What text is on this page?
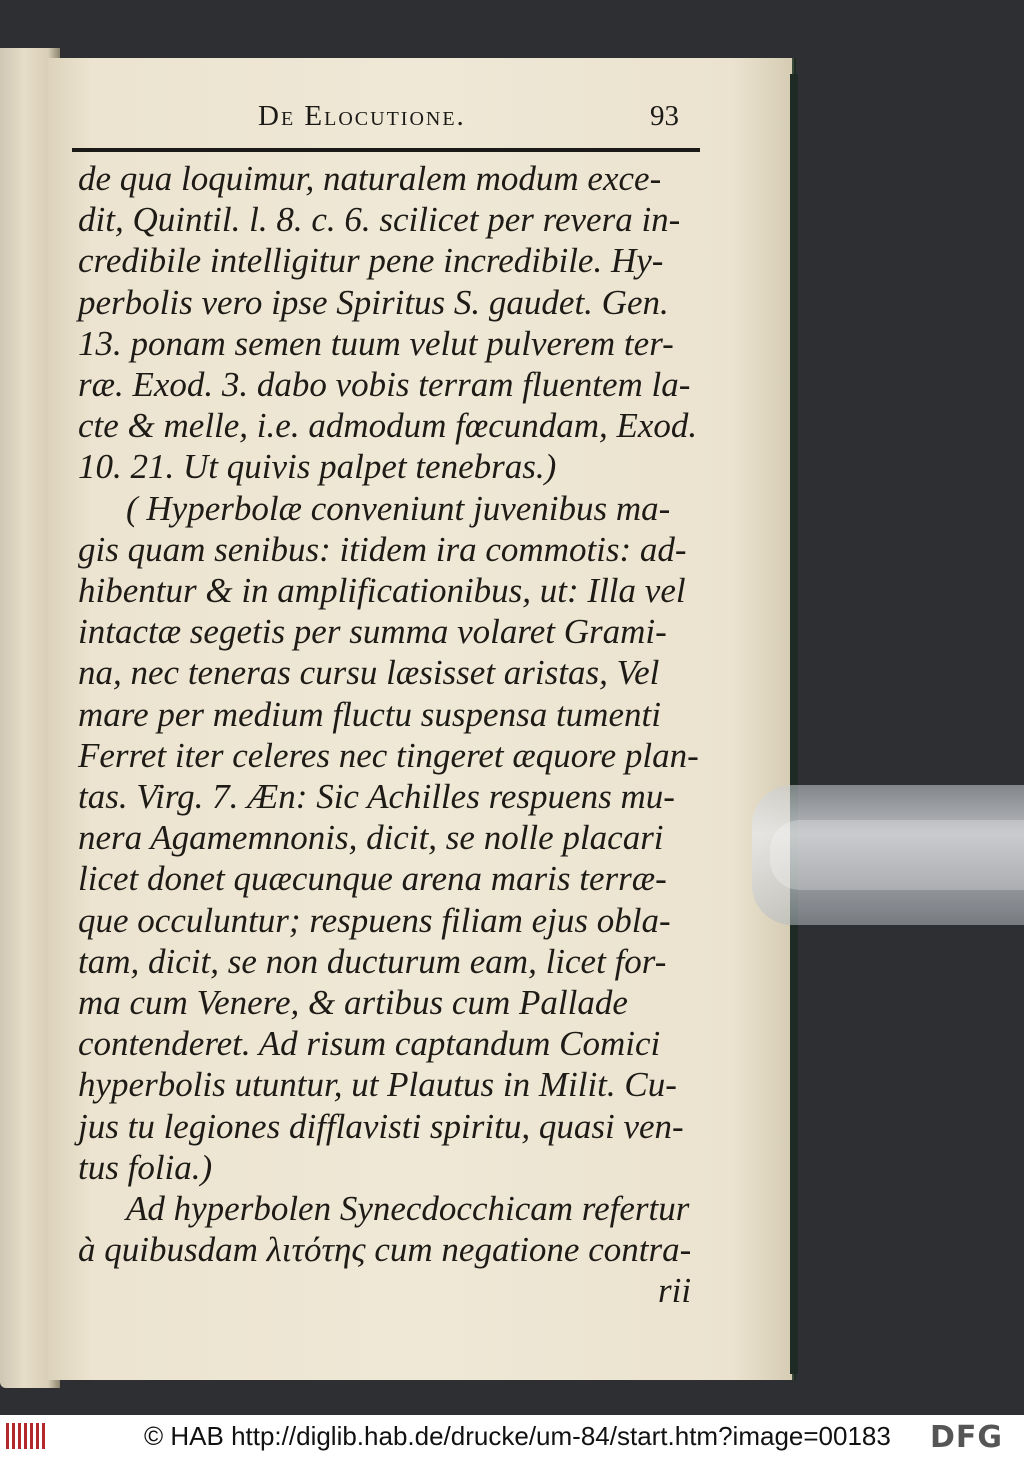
De Elocutione.	93
de qua loquimur, naturalem modum exce-
dit, Quintil. l. 8. c. 6. scilicet per revera in-
credibile intelligitur pene incredibile. Hy-
perbolis vero ipse Spiritus S. gaudet. Gen.
13. ponam semen tuum velut pulverem ter-
ræ. Exod. 3. dabo vobis terram fluentem la-
cte & melle, i.e. admodum fœcundam, Exod.
10. 21. Ut quivis palpet tenebras.)
( Hyperbolæ conveniunt juvenibus ma-
gis quam senibus: itidem ira commotis: ad-
hibentur & in amplificationibus, ut: Illa vel
intactæ segetis per summa volaret Grami-
na, nec teneras cursu læsisset aristas, Vel
mare per medium fluctu suspensa tumenti
Ferret iter celeres nec tingeret æquore plan-
tas. Virg. 7. Æn: Sic Achilles respuens mu-
nera Agamemnonis, dicit, se nolle placari
licet donet quæcunque arena maris terræ-
que occuluntur; respuens filiam ejus obla-
tam, dicit, se non ducturum eam, licet for-
ma cum Venere, & artibus cum Pallade
contenderet. Ad risum captandum Comici
hyperbolis utuntur, ut Plautus in Milit. Cu-
jus tu legiones difflavisti spiritu, quasi ven-
tus folia.)
Ad hyperbolen Synecdocchicam refertur
à quibusdam λιτότης cum negatione contra-
rii
© HAB http://diglib.hab.de/drucke/um-84/start.htm?image=00183 DFG
